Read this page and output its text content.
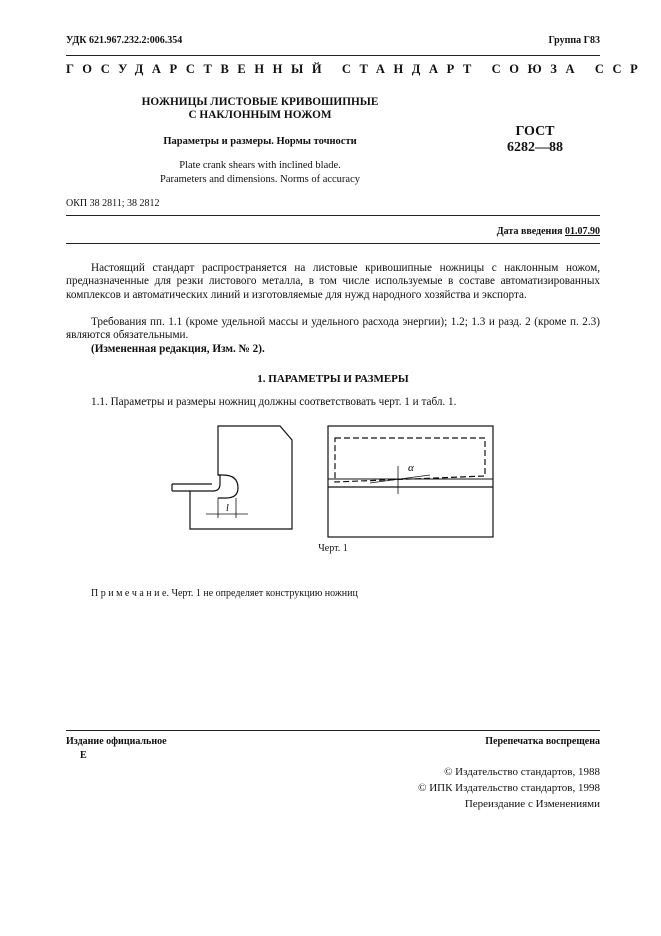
УДК 621.967.232.2:006.354	Группа Г83
ГОСУДАРСТВЕННЫЙ СТАНДАРТ СОЮЗА ССР
НОЖНИЦЫ ЛИСТОВЫЕ КРИВОШИПНЫЕ
С НАКЛОННЫМ НОЖОМ
Параметры и размеры. Нормы точности
Plate crank shears with inclined blade.
Parameters and dimensions. Norms of accuracy
ГОСТ
6282—88
ОКП 38 2811; 38 2812
Дата введения 01.07.90
Настоящий стандарт распространяется на листовые кривошипные ножницы с наклонным ножом, предназначенные для резки листового металла, в том числе используемые в составе автоматизированных комплексов и автоматических линий и изготовляемые для нужд народного хозяйства и экспорта.
Требования пп. 1.1 (кроме удельной массы и удельного расхода энергии); 1.2; 1.3 и разд. 2 (кроме п. 2.3) являются обязательными.
(Измененная редакция, Изм. № 2).
1. ПАРАМЕТРЫ И РАЗМЕРЫ
1.1. Параметры и размеры ножниц должны соответствовать черт. 1 и табл. 1.
l
α
Черт. 1
П р и м е ч а н и е. Черт. 1 не определяет конструкцию ножниц
Издание официальное	Перепечатка воспрещена
Е
© Издательство стандартов, 1988
© ИПК Издательство стандартов, 1998
Переиздание с Изменениями
